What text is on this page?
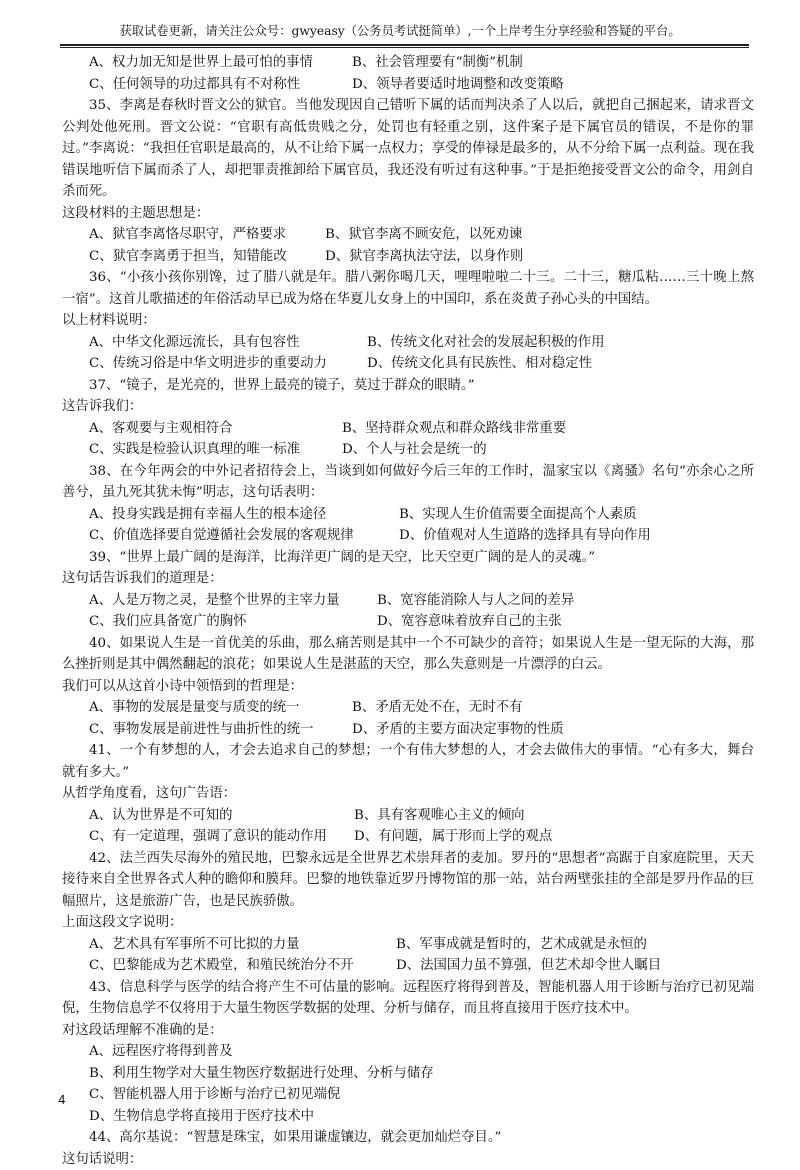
获取试卷更新，请关注公众号：gwyeasy（公务员考试挺简单）,一个上岸考生分享经验和答疑的平台。
A、权力加无知是世界上最可怕的事情	B、社会管理要有“制衡”机制
C、任何领导的功过都具有不对称性	D、领导者要适时地调整和改变策略

35、李离是春秋时晋文公的狱官。当他发现因自己错听下属的话而判决杀了人以后，就把自己捆起来，请求晋文公判处他死刑。晋文公说：“官职有高低贵贱之分，处罚也有轻重之别，这件案子是下属官员的错误，不是你的罪过。”李离说：“我担任官职是最高的，从不让给下属一点权力；享受的俸禄是最多的，从不分给下属一点利益。现在我错误地听信下属而杀了人，却把罪责推卸给下属官员，我还没有听过有这种事。”于是拒绝接受晋文公的命令，用剑自杀而死。

这段材料的主题思想是：

A、狱官李离恪尽职守，严格要求	B、狱官李离不顾安危，以死劝谏
C、狱官李离勇于担当，知错能改	D、狱官李离执法守法，以身作则

36、“小孩小孩你别馋，过了腊八就是年。腊八粥你喝几天，哩哩啦啦二十三。二十三，糖瓜粘……三十晚上熬一宿”。这首儿歌描述的年俗活动早已成为烙在华夏儿女身上的中国印，系在炎黄子孙心头的中国结。

以上材料说明：

A、中华文化源远流长，具有包容性	B、传统文化对社会的发展起积极的作用
C、传统习俗是中华文明进步的重要动力	D、传统文化具有民族性、相对稳定性

37、“镜子，是光亮的，世界上最亮的镜子，莫过于群众的眼睛。”

这告诉我们：

A、客观要与主观相符合	B、坚持群众观点和群众路线非常重要
C、实践是检验认识真理的唯一标准	D、个人与社会是统一的

38、在今年两会的中外记者招待会上，当谈到如何做好今后三年的工作时，温家宝以《离骚》名句“亦余心之所善兮，虽九死其犹未悔”明志，这句话表明：

A、投身实践是拥有幸福人生的根本途径	B、实现人生价值需要全面提高个人素质
C、价值选择要自觉遵循社会发展的客观规律	D、价值观对人生道路的选择具有导向作用

39、“世界上最广阔的是海洋，比海洋更广阔的是天空，比天空更广阔的是人的灵魂。”

这句话告诉我们的道理是：

A、人是万物之灵，是整个世界的主宰力量	B、宽容能消除人与人之间的差异
C、我们应具备宽广的胸怀	D、宽容意味着放弃自己的主张

40、如果说人生是一首优美的乐曲，那么痛苦则是其中一个不可缺少的音符；如果说人生是一望无际的大海，那么挫折则是其中偶然翻起的浪花；如果说人生是湛蓝的天空，那么失意则是一片漂浮的白云。

我们可以从这首小诗中领悟到的哲理是：

A、事物的发展是量变与质变的统一	B、矛盾无处不在，无时不有
C、事物发展是前进性与曲折性的统一	D、矛盾的主要方面决定事物的性质

41、一个有梦想的人，才会去追求自己的梦想；一个有伟大梦想的人，才会去做伟大的事情。“心有多大，舞台就有多大。”

从哲学角度看，这句广告语：

A、认为世界是不可知的	B、具有客观唯心主义的倾向
C、有一定道理，强调了意识的能动作用	D、有问题，属于形而上学的观点

42、法兰西失尽海外的殖民地，巴黎永远是全世界艺术崇拜者的麦加。罗丹的“思想者”高踞于自家庭院里，天天接待来自全世界各式人种的瞻仰和膜拜。巴黎的地铁靠近罗丹博物馆的那一站，站台两壁张挂的全部是罗丹作品的巨幅照片，这是旅游广告，也是民族骄傲。

上面这段文字说明：

A、艺术具有军事所不可比拟的力量	B、军事成就是暂时的，艺术成就是永恒的
C、巴黎能成为艺术殿堂，和殖民统治分不开	D、法国国力虽不算强，但艺术却令世人瞩目

43、信息科学与医学的结合将产生不可估量的影响。远程医疗将得到普及，智能机器人用于诊断与治疗已初见端倪，生物信息学不仅将用于大量生物医学数据的处理、分析与储存，而且将直接用于医疗技术中。

对这段话理解不准确的是：

A、远程医疗将得到普及

B、利用生物学对大量生物医疗数据进行处理、分析与储存

C、智能机器人用于诊断与治疗已初见端倪

D、生物信息学将直接用于医疗技术中

44、高尔基说：“智慧是珠宝，如果用谦虚镶边，就会更加灿烂夺目。”

这句话说明：

4
